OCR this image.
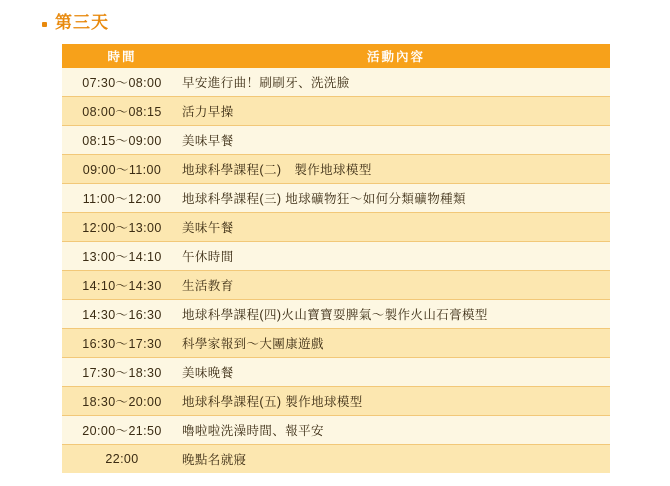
第三天
時間	活動內容
07:30～08:00	早安進行曲！刷刷牙、洗洗臉
08:00～08:15	活力早操
08:15～09:00	美味早餐
09:00～11:00	地球科學課程(二)　製作地球模型
11:00～12:00	地球科學課程(三) 地球礦物狂～如何分類礦物種類
12:00～13:00	美味午餐
13:00～14:10	午休時間
14:10～14:30	生活教育
14:30～16:30	地球科學課程(四)火山寶寶耍脾氣～製作火山石膏模型
16:30～17:30	科學家報到～大團康遊戲
17:30～18:30	美味晚餐
18:30～20:00	地球科學課程(五) 製作地球模型
20:00～21:50	嚕啦啦洗澡時間、報平安
22:00	晚點名就寢
